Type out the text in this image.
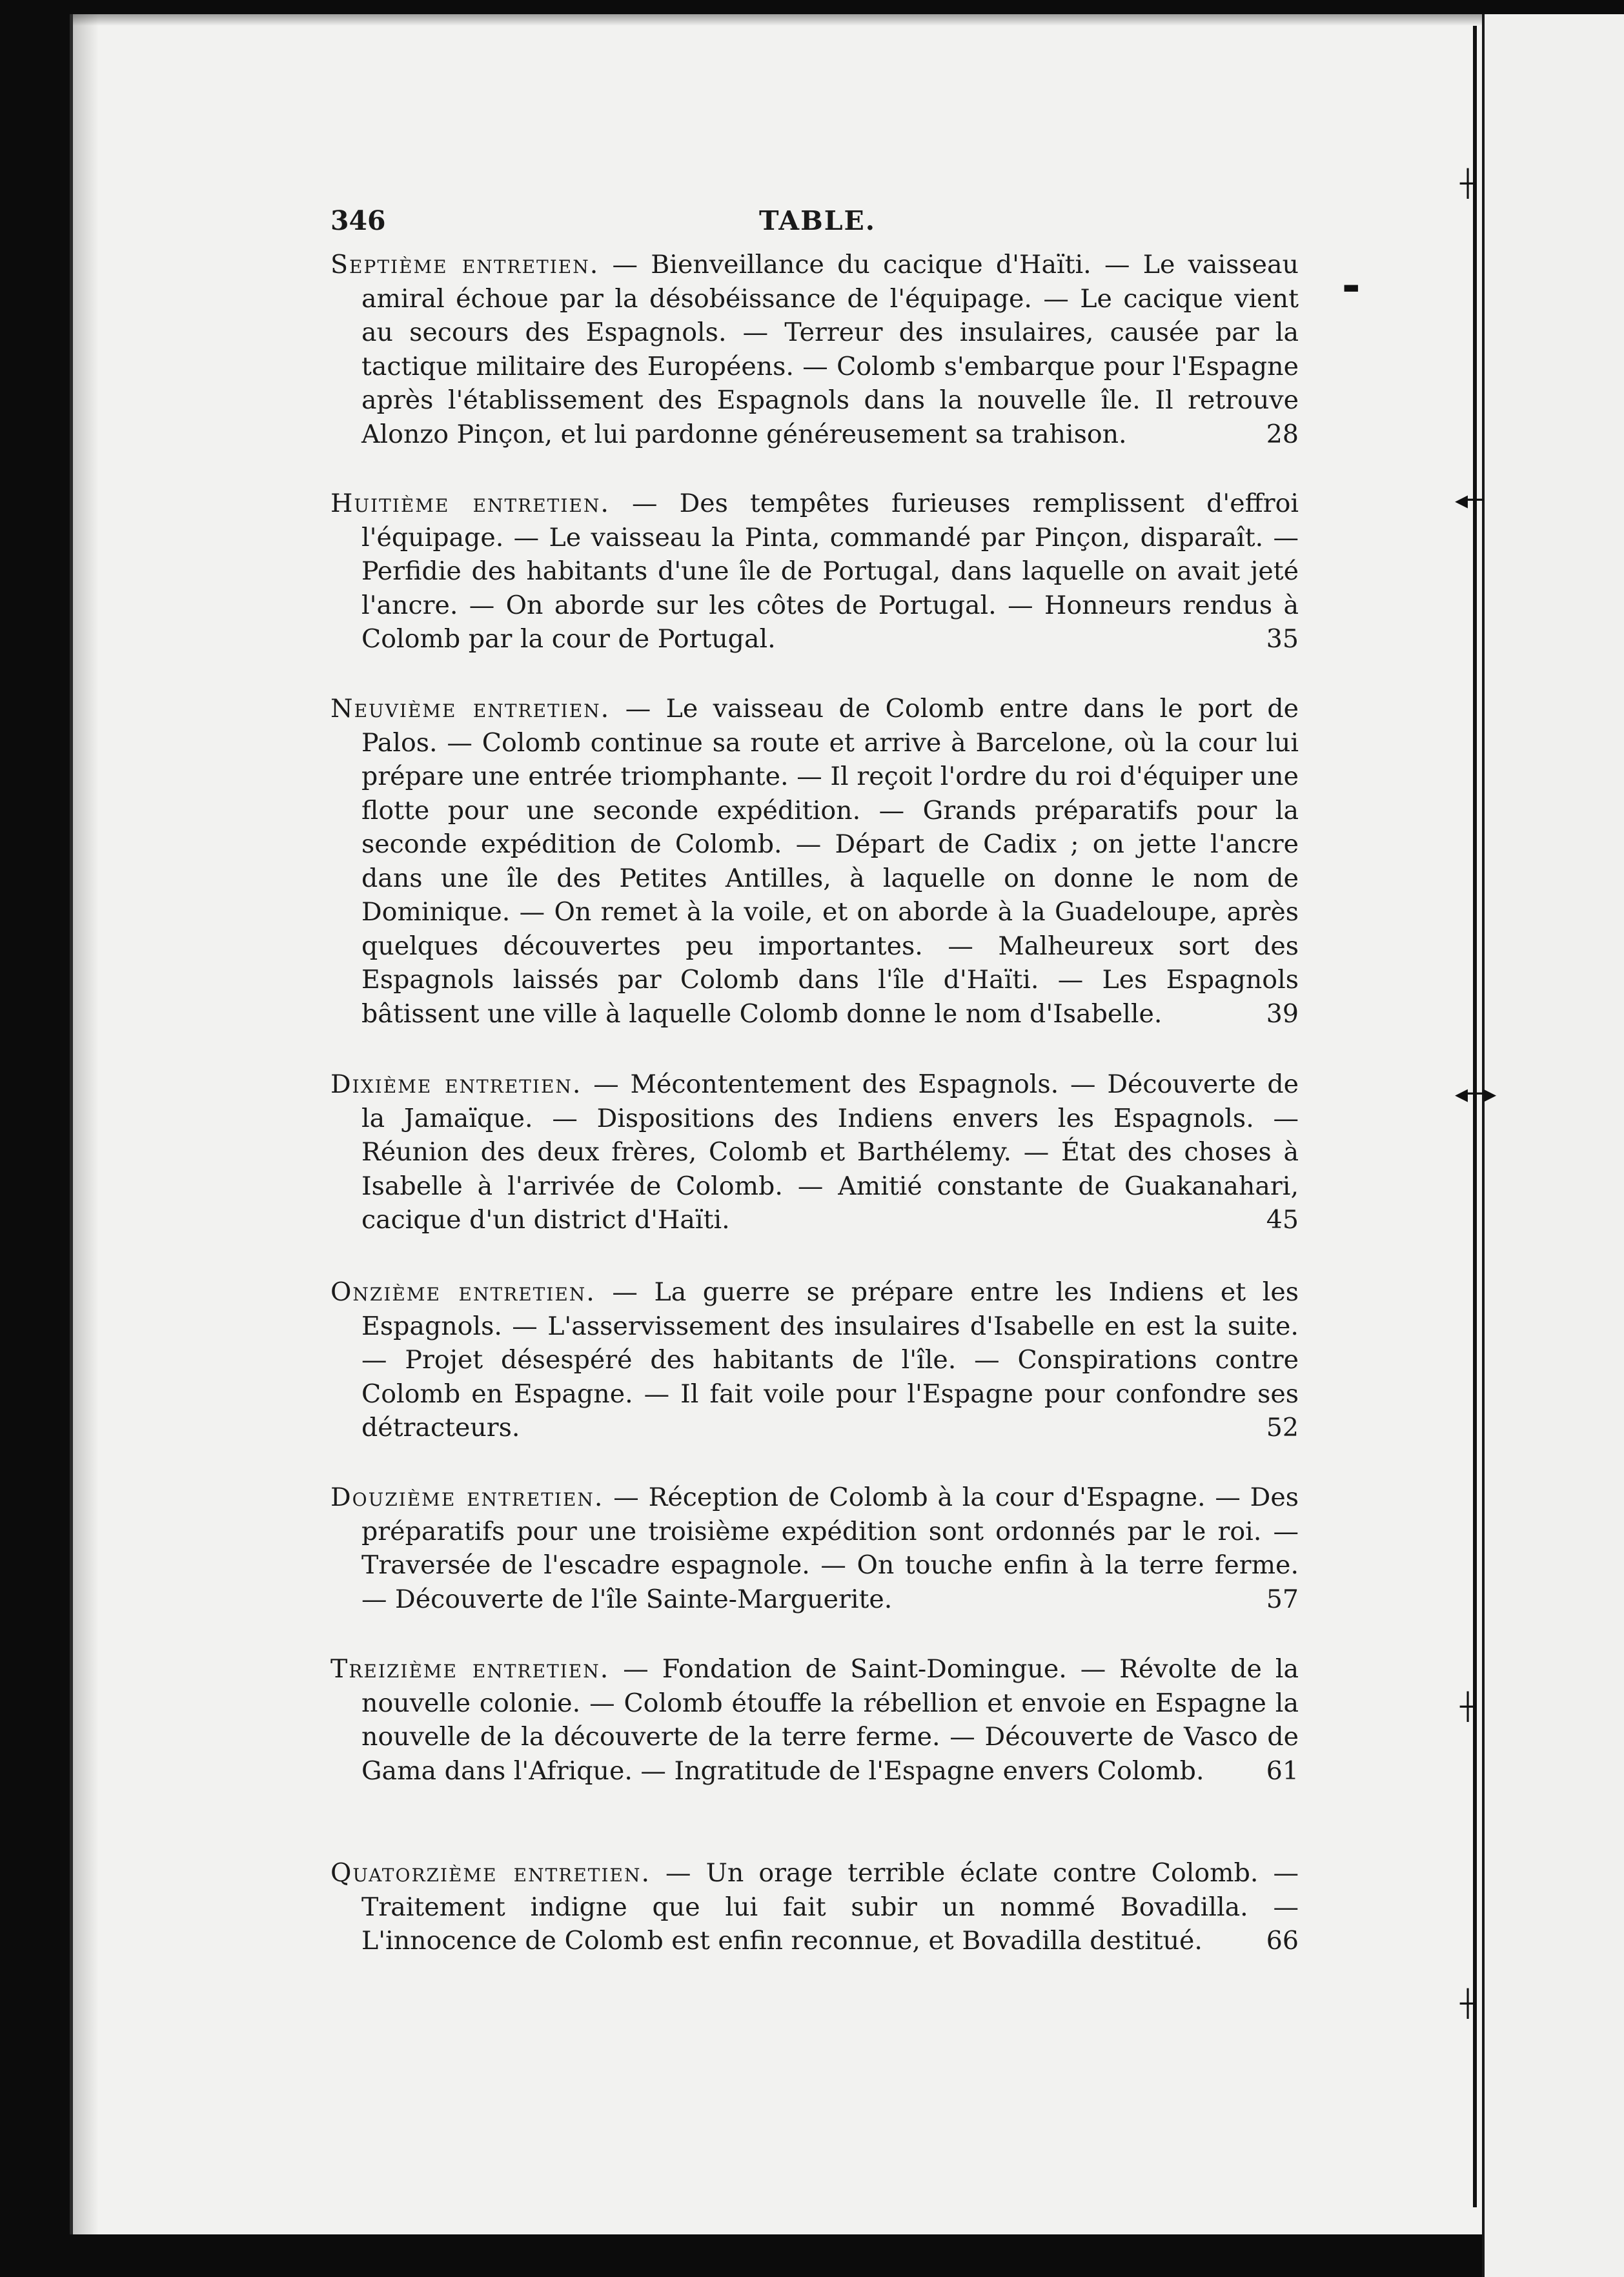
┼
◂┼
◂┼▸
┼
┼
▬
346	TABLE.
Septième entretien. — Bienveillance du cacique d'Haïti. — Le vaisseau amiral échoue par la désobéissance de l'équipage. — Le cacique vient au secours des Espagnols. — Terreur des insulaires, causée par la tactique militaire des Européens. — Colomb s'embarque pour l'Espagne après l'établissement des Espagnols dans la nouvelle île. Il retrouve Alonzo Pinçon, et lui pardonne généreusement sa trahison.	28
Huitième entretien. — Des tempêtes furieuses remplissent d'effroi l'équipage. — Le vaisseau la Pinta, commandé par Pinçon, disparaît. — Perfidie des habitants d'une île de Portugal, dans laquelle on avait jeté l'ancre. — On aborde sur les côtes de Portugal. — Honneurs rendus à Colomb par la cour de Portugal.	35
Neuvième entretien. — Le vaisseau de Colomb entre dans le port de Palos. — Colomb continue sa route et arrive à Barcelone, où la cour lui prépare une entrée triomphante. — Il reçoit l'ordre du roi d'équiper une flotte pour une seconde expédition. — Grands préparatifs pour la seconde expédition de Colomb. — Départ de Cadix ; on jette l'ancre dans une île des Petites Antilles, à laquelle on donne le nom de Dominique. — On remet à la voile, et on aborde à la Guadeloupe, après quelques découvertes peu importantes. — Malheureux sort des Espagnols laissés par Colomb dans l'île d'Haïti. — Les Espagnols bâtissent une ville à laquelle Colomb donne le nom d'Isabelle.	39
Dixième entretien. — Mécontentement des Espagnols. — Découverte de la Jamaïque. — Dispositions des Indiens envers les Espagnols. — Réunion des deux frères, Colomb et Barthélemy. — État des choses à Isabelle à l'arrivée de Colomb. — Amitié constante de Guakanahari, cacique d'un district d'Haïti.	45
Onzième entretien. — La guerre se prépare entre les Indiens et les Espagnols. — L'asservissement des insulaires d'Isabelle en est la suite. — Projet désespéré des habitants de l'île. — Conspirations contre Colomb en Espagne. — Il fait voile pour l'Espagne pour confondre ses détracteurs.	52
Douzième entretien. — Réception de Colomb à la cour d'Espagne. — Des préparatifs pour une troisième expédition sont ordonnés par le roi. — Traversée de l'escadre espagnole. — On touche enfin à la terre ferme. — Découverte de l'île Sainte-Marguerite.	57
Treizième entretien. — Fondation de Saint-Domingue. — Révolte de la nouvelle colonie. — Colomb étouffe la rébellion et envoie en Espagne la nouvelle de la découverte de la terre ferme. — Découverte de Vasco de Gama dans l'Afrique. — Ingratitude de l'Espagne envers Colomb. 61
Quatorzième entretien. — Un orage terrible éclate contre Colomb. — Traitement indigne que lui fait subir un nommé Bovadilla. — L'innocence de Colomb est enfin reconnue, et Bovadilla destitué.	66
